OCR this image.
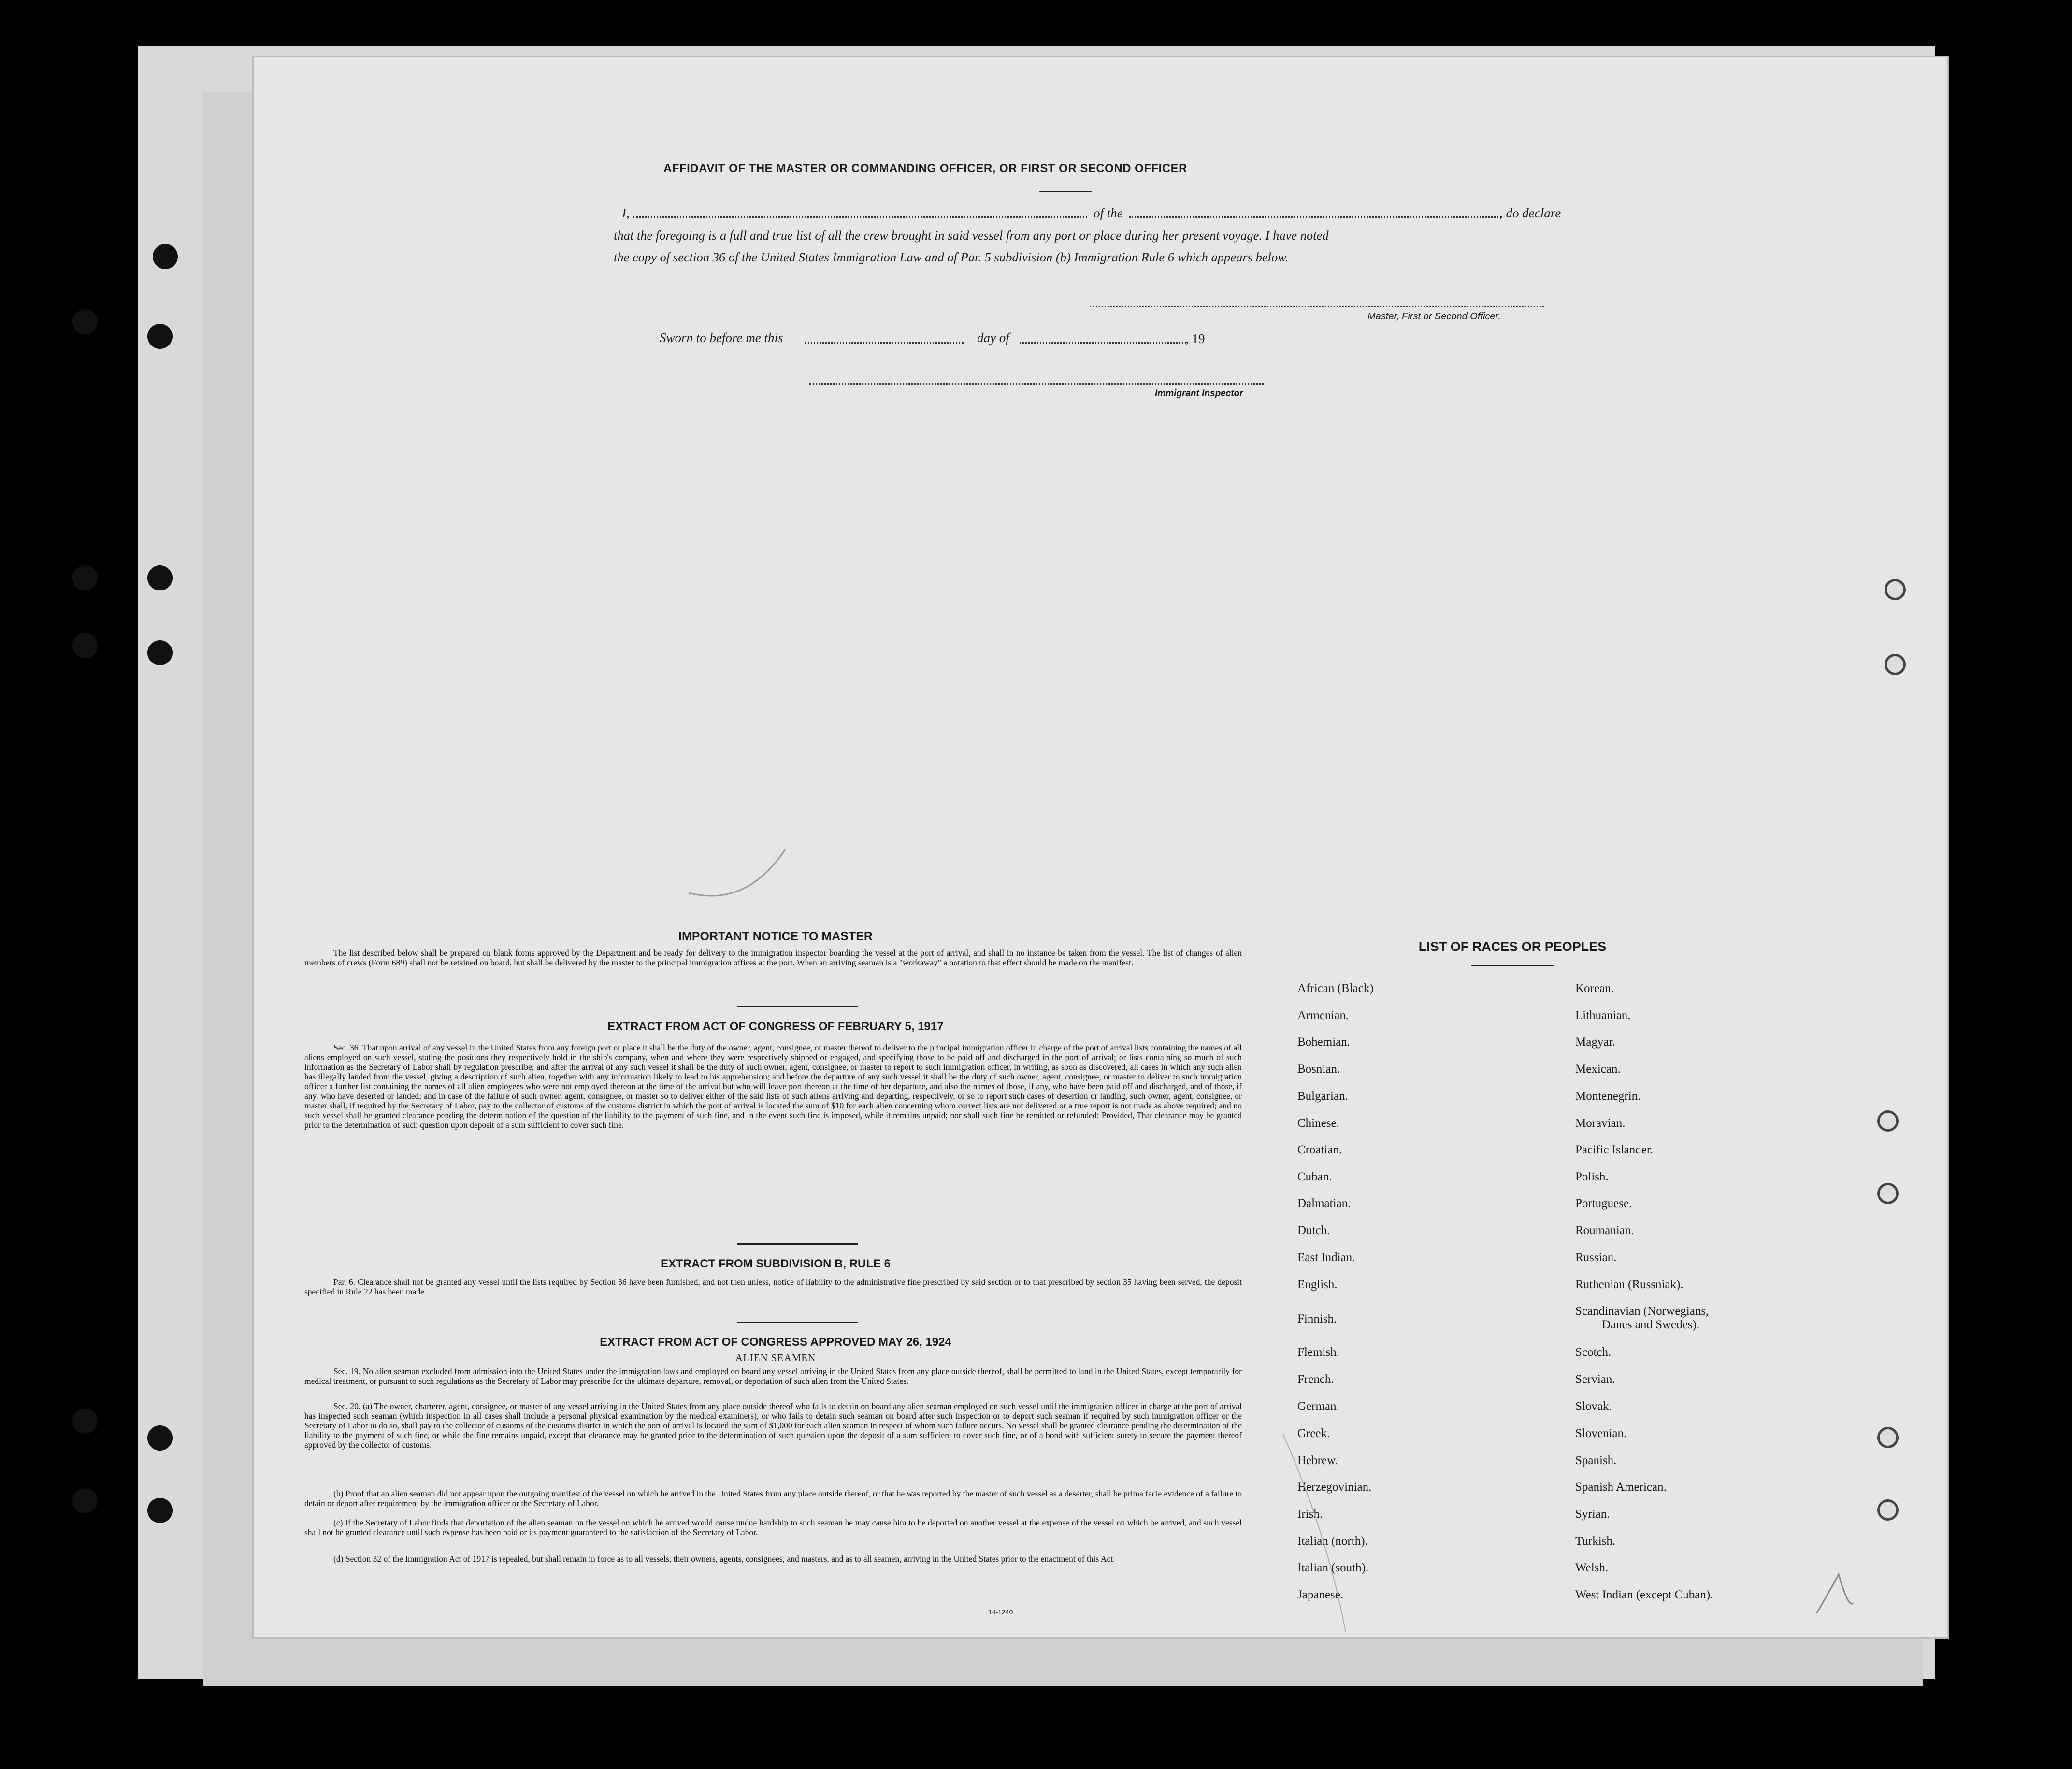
AFFIDAVIT OF THE MASTER OR COMMANDING OFFICER, OR FIRST OR SECOND OFFICER
I,	of the	, do declare
that the foregoing is a full and true list of all the crew brought in said vessel from any port or place during her present voyage. I have noted
the copy of section 36 of the United States Immigration Law and of Par. 5 subdivision (b) Immigration Rule 6 which appears below.
Master, First or Second Officer.
Sworn to before me this	day of	, 19
Immigrant Inspector
IMPORTANT NOTICE TO MASTER
The list described below shall be prepared on blank forms approved by the Department and be ready for delivery to the immigration inspector boarding the vessel at the port of arrival, and shall in no instance be taken from the vessel. The list of changes of alien members of crews (Form 689) shall not be retained on board, but shall be delivered by the master to the principal immigration offices at the port. When an arriving seaman is a "workaway" a notation to that effect should be made on the manifest.
EXTRACT FROM ACT OF CONGRESS OF FEBRUARY 5, 1917
Sec. 36. That upon arrival of any vessel in the United States from any foreign port or place it shall be the duty of the owner, agent, consignee, or master thereof to deliver to the principal immigration officer in charge of the port of arrival lists containing the names of all aliens employed on such vessel, stating the positions they respectively hold in the ship's company, when and where they were respectively shipped or engaged, and specifying those to be paid off and discharged in the port of arrival; or lists containing so much of such information as the Secretary of Labor shall by regulation prescribe; and after the arrival of any such vessel it shall be the duty of such owner, agent, consignee, or master to report to such immigration officer, in writing, as soon as discovered, all cases in which any such alien has illegally landed from the vessel, giving a description of such alien, together with any information likely to lead to his apprehension; and before the departure of any such vessel it shall be the duty of such owner, agent, consignee, or master to deliver to such immigration officer a further list containing the names of all alien employees who were not employed thereon at the time of the arrival but who will leave port thereon at the time of her departure, and also the names of those, if any, who have been paid off and discharged, and of those, if any, who have deserted or landed; and in case of the failure of such owner, agent, consignee, or master so to deliver either of the said lists of such aliens arriving and departing, respectively, or so to report such cases of desertion or landing, such owner, agent, consignee, or master shall, if required by the Secretary of Labor, pay to the collector of customs of the customs district in which the port of arrival is located the sum of $10 for each alien concerning whom correct lists are not delivered or a true report is not made as above required; and no such vessel shall be granted clearance pending the determination of the question of the liability to the payment of such fine, and in the event such fine is imposed, while it remains unpaid; nor shall such fine be remitted or refunded: Provided, That clearance may be granted prior to the determination of such question upon deposit of a sum sufficient to cover such fine.
EXTRACT FROM SUBDIVISION B, RULE 6
Par. 6. Clearance shall not be granted any vessel until the lists required by Section 36 have been furnished, and not then unless, notice of liability to the administrative fine prescribed by said section or to that prescribed by section 35 having been served, the deposit specified in Rule 22 has been made.
EXTRACT FROM ACT OF CONGRESS APPROVED MAY 26, 1924
ALIEN SEAMEN
Sec. 19. No alien seaman excluded from admission into the United States under the immigration laws and employed on board any vessel arriving in the United States from any place outside thereof, shall be permitted to land in the United States, except temporarily for medical treatment, or pursuant to such regulations as the Secretary of Labor may prescribe for the ultimate departure, removal, or deportation of such alien from the United States.
Sec. 20. (a) The owner, charterer, agent, consignee, or master of any vessel arriving in the United States from any place outside thereof who fails to detain on board any alien seaman employed on such vessel until the immigration officer in charge at the port of arrival has inspected such seaman (which inspection in all cases shall include a personal physical examination by the medical examiners), or who fails to detain such seaman on board after such inspection or to deport such seaman if required by such immigration officer or the Secretary of Labor to do so, shall pay to the collector of customs of the customs district in which the port of arrival is located the sum of $1,000 for each alien seaman in respect of whom such failure occurs. No vessel shall be granted clearance pending the determination of the liability to the payment of such fine, or while the fine remains unpaid, except that clearance may be granted prior to the determination of such question upon the deposit of a sum sufficient to cover such fine, or of a bond with sufficient surety to secure the payment thereof approved by the collector of customs.
(b) Proof that an alien seaman did not appear upon the outgoing manifest of the vessel on which he arrived in the United States from any place outside thereof, or that he was reported by the master of such vessel as a deserter, shall be prima facie evidence of a failure to detain or deport after requirement by the immigration officer or the Secretary of Labor.
(c) If the Secretary of Labor finds that deportation of the alien seaman on the vessel on which he arrived would cause undue hardship to such seaman he may cause him to be deported on another vessel at the expense of the vessel on which he arrived, and such vessel shall not be granted clearance until such expense has been paid or its payment guaranteed to the satisfaction of the Secretary of Labor.
(d) Section 32 of the Immigration Act of 1917 is repealed, but shall remain in force as to all vessels, their owners, agents, consignees, and masters, and as to all seamen, arriving in the United States prior to the enactment of this Act.
14-1240
LIST OF RACES OR PEOPLES
African (Black)
Armenian.
Bohemian.
Bosnian.
Bulgarian.
Chinese.
Croatian.
Cuban.
Dalmatian.
Dutch.
East Indian.
English.
Finnish.
Flemish.
French.
German.
Greek.
Hebrew.
Herzegovinian.
Irish.
Italian (north).
Italian (south).
Japanese.
Korean.
Lithuanian.
Magyar.
Mexican.
Montenegrin.
Moravian.
Pacific Islander.
Polish.
Portuguese.
Roumanian.
Russian.
Ruthenian (Russniak).
Scandinavian (Norwegians,
Danes and Swedes).
Scotch.
Servian.
Slovak.
Slovenian.
Spanish.
Spanish American.
Syrian.
Turkish.
Welsh.
West Indian (except Cuban).
